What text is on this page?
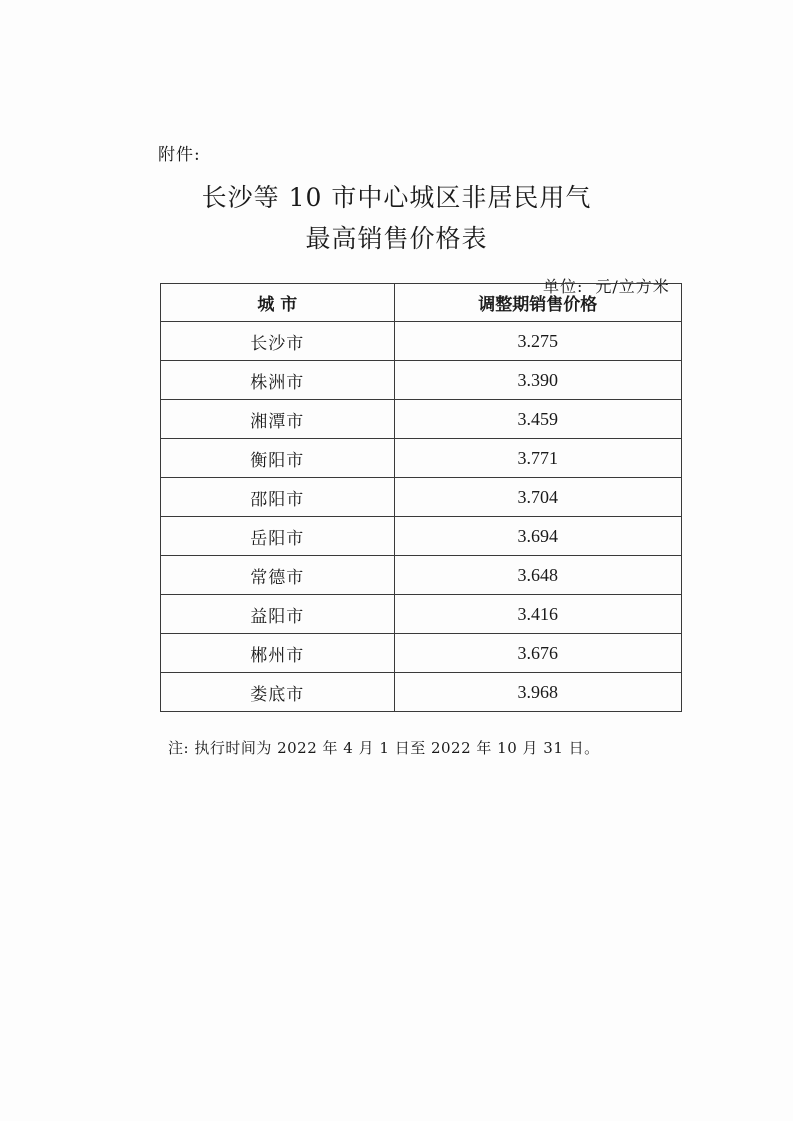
附件:
长沙等 10 市中心城区非居民用气
最高销售价格表
单位: 元/立方米
城 市	调整期销售价格
长沙市	3.275
株洲市	3.390
湘潭市	3.459
衡阳市	3.771
邵阳市	3.704
岳阳市	3.694
常德市	3.648
益阳市	3.416
郴州市	3.676
娄底市	3.968
注: 执行时间为 2022 年 4 月 1 日至 2022 年 10 月 31 日。
